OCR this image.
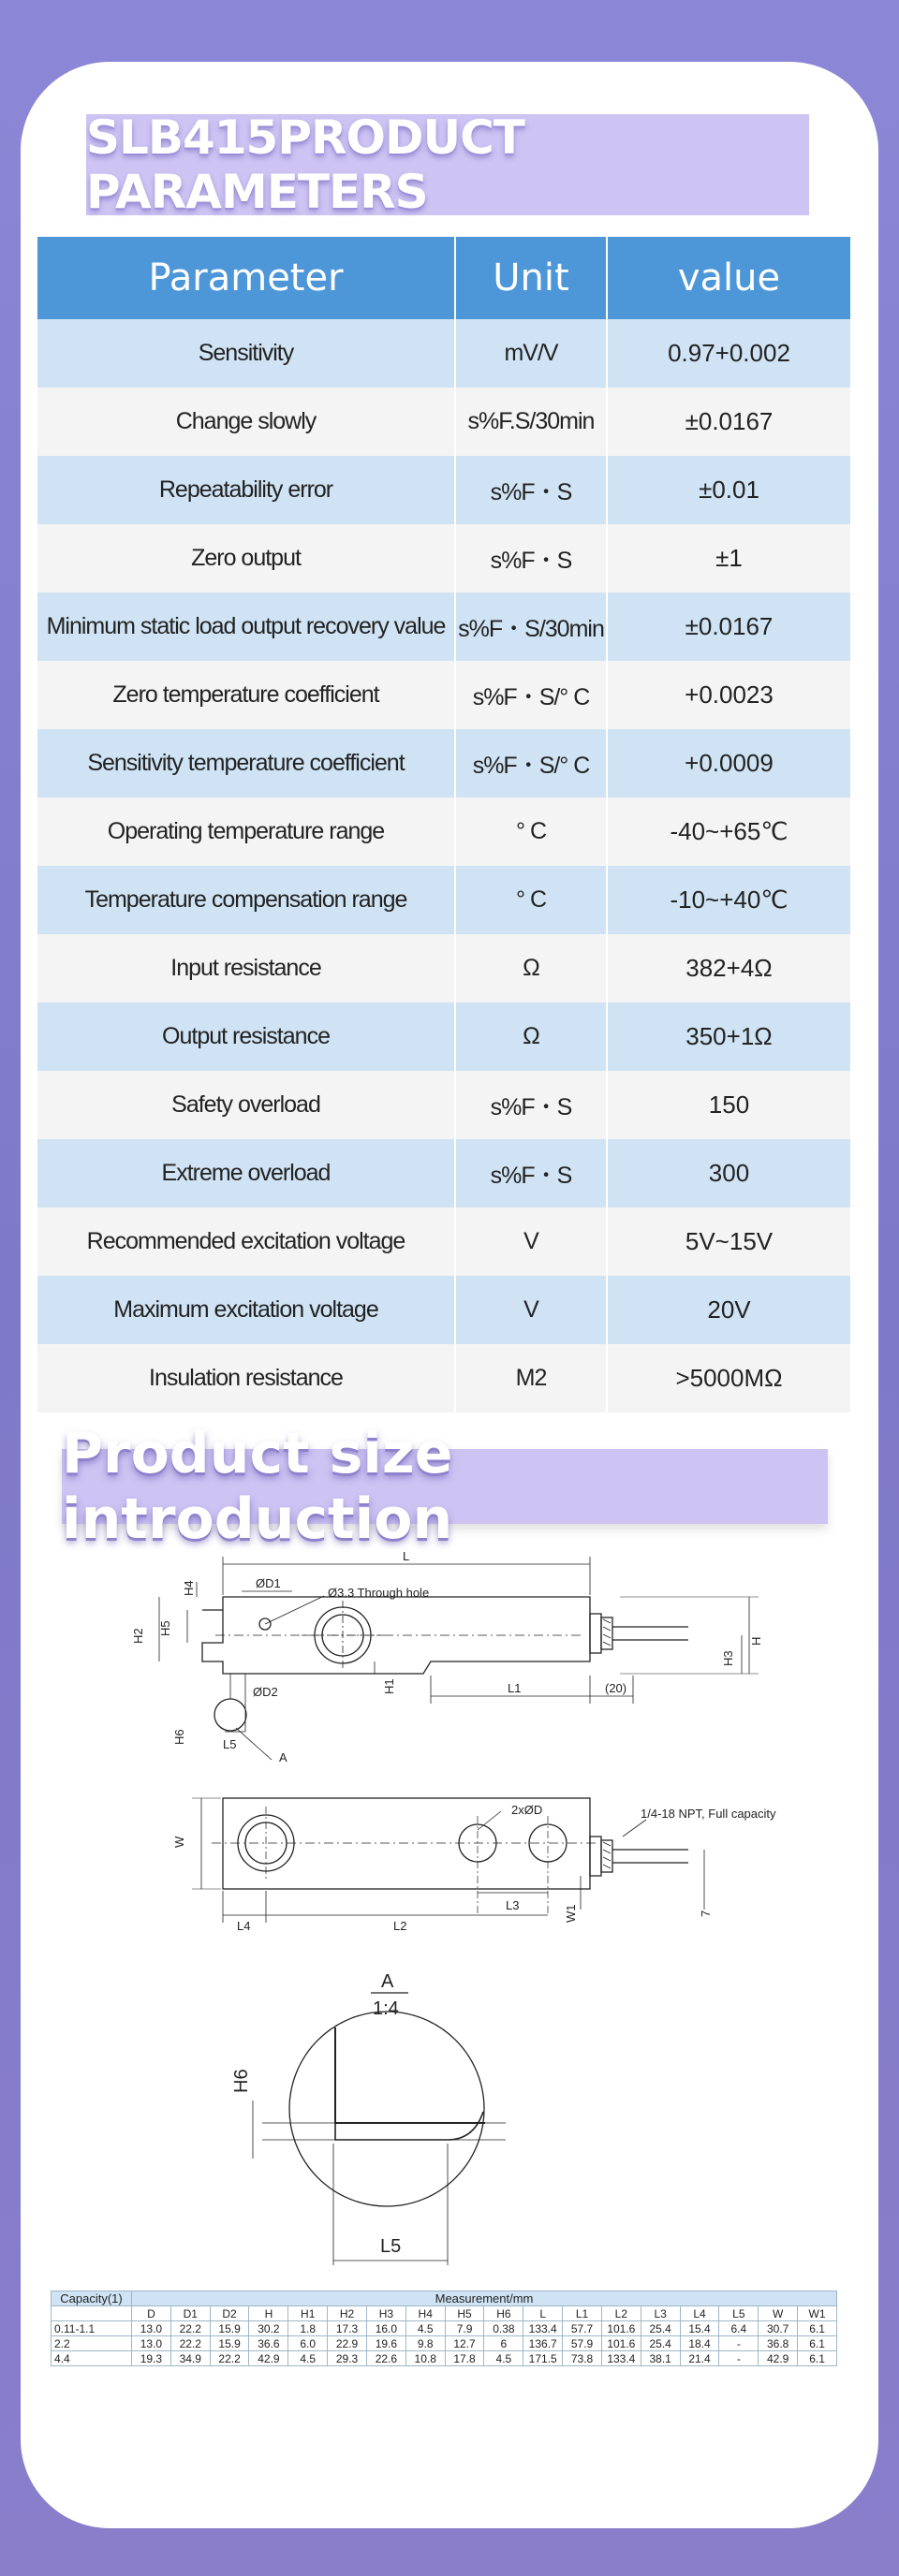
SLB415PRODUCT PARAMETERS
Parameter	Unit	value
Sensitivity	mV/V	0.97+0.002
Change slowly	s%F.S/30min	±0.0167
Repeatability error	s%F・S	±0.01
Zero output	s%F・S	±1
Minimum static load output recovery value	s%F・S/30min	±0.0167
Zero temperature coefficient	s%F・S/° C	+0.0023
Sensitivity temperature coefficient	s%F・S/° C	+0.0009
Operating temperature range	° C	-40~+65℃
Temperature compensation range	° C	-10~+40℃
Input resistance	Ω	382+4Ω
Output resistance	Ω	350+1Ω
Safety overload	s%F・S	150
Extreme overload	s%F・S	300
Recommended excitation voltage	V	5V~15V
Maximum excitation voltage	V	20V
Insulation resistance	M2	>5000MΩ
Product size introduction
L
ØD1
Ø3.3 Through hole
H4
H5
H2
ØD2	H1
H3
H
H6	L5
A
L1	(20)
2xØD	1/4-18 NPT, Full capacity
W
W1	7
L4	L2
L3
A
1:4
H6
L5
Capacity(1)	Measurement/mm																	
	D	D1	D2	H	H1	H2	H3	H4	H5	H6	L	L1	L2	L3	L4	L5	W	W1
0.11-1.1	13.0	22.2	15.9	30.2	1.8	17.3	16.0	4.5	7.9	0.38	133.4	57.7	101.6	25.4	15.4	6.4	30.7	6.1
2.2	13.0	22.2	15.9	36.6	6.0	22.9	19.6	9.8	12.7	6	136.7	57.9	101.6	25.4	18.4	-	36.8	6.1
4.4	19.3	34.9	22.2	42.9	4.5	29.3	22.6	10.8	17.8	4.5	171.5	73.8	133.4	38.1	21.4	-	42.9	6.1
